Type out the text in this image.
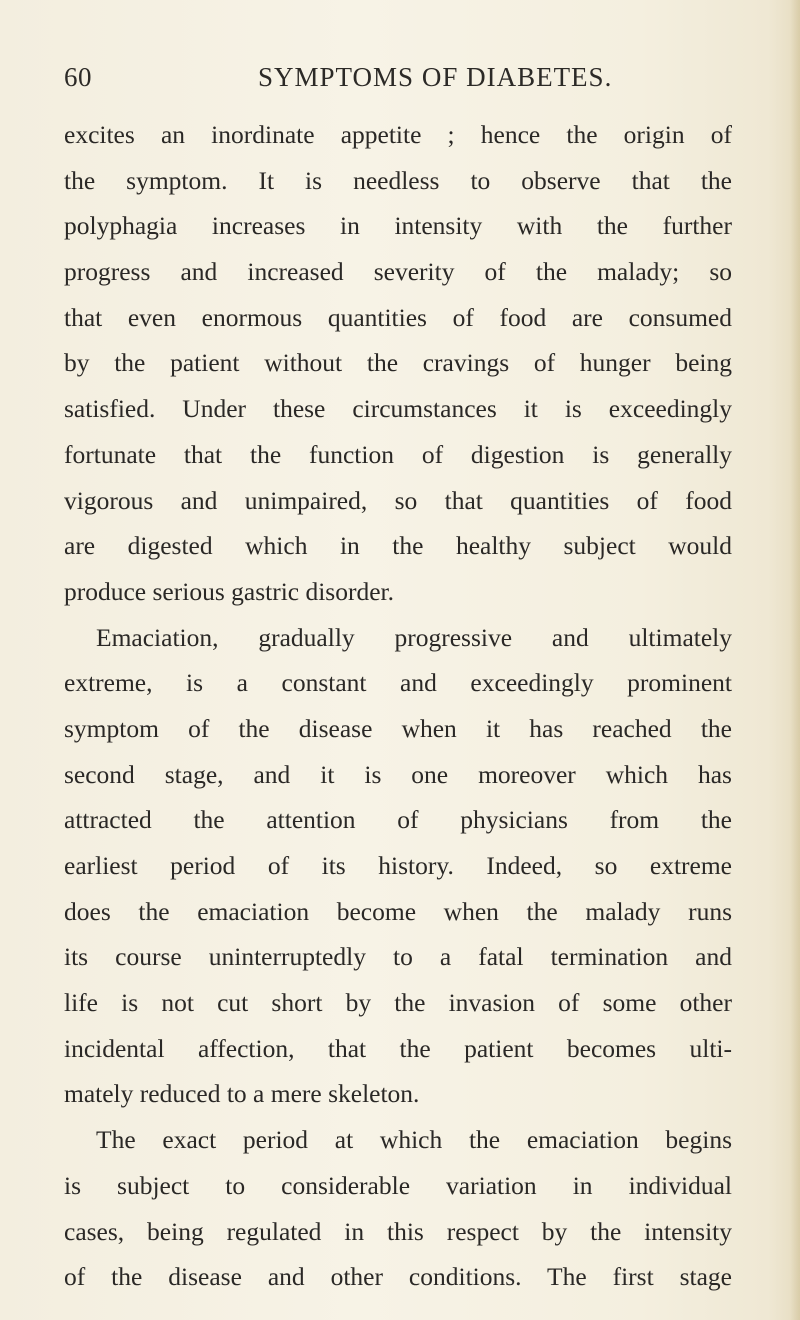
60	SYMPTOMS OF DIABETES.
excites an inordinate appetite ; hence the origin of
the symptom. It is needless to observe that the
polyphagia increases in intensity with the further
progress and increased severity of the malady; so
that even enormous quantities of food are consumed
by the patient without the cravings of hunger being
satisfied. Under these circumstances it is exceedingly
fortunate that the function of digestion is generally
vigorous and unimpaired, so that quantities of food
are digested which in the healthy subject would
produce serious gastric disorder.
Emaciation, gradually progressive and ultimately
extreme, is a constant and exceedingly prominent
symptom of the disease when it has reached the
second stage, and it is one moreover which has
attracted the attention of physicians from the
earliest period of its history. Indeed, so extreme
does the emaciation become when the malady runs
its course uninterruptedly to a fatal termination and
life is not cut short by the invasion of some other
incidental affection, that the patient becomes ulti-
mately reduced to a mere skeleton.
The exact period at which the emaciation begins
is subject to considerable variation in individual
cases, being regulated in this respect by the intensity
of the disease and other conditions. The first stage
